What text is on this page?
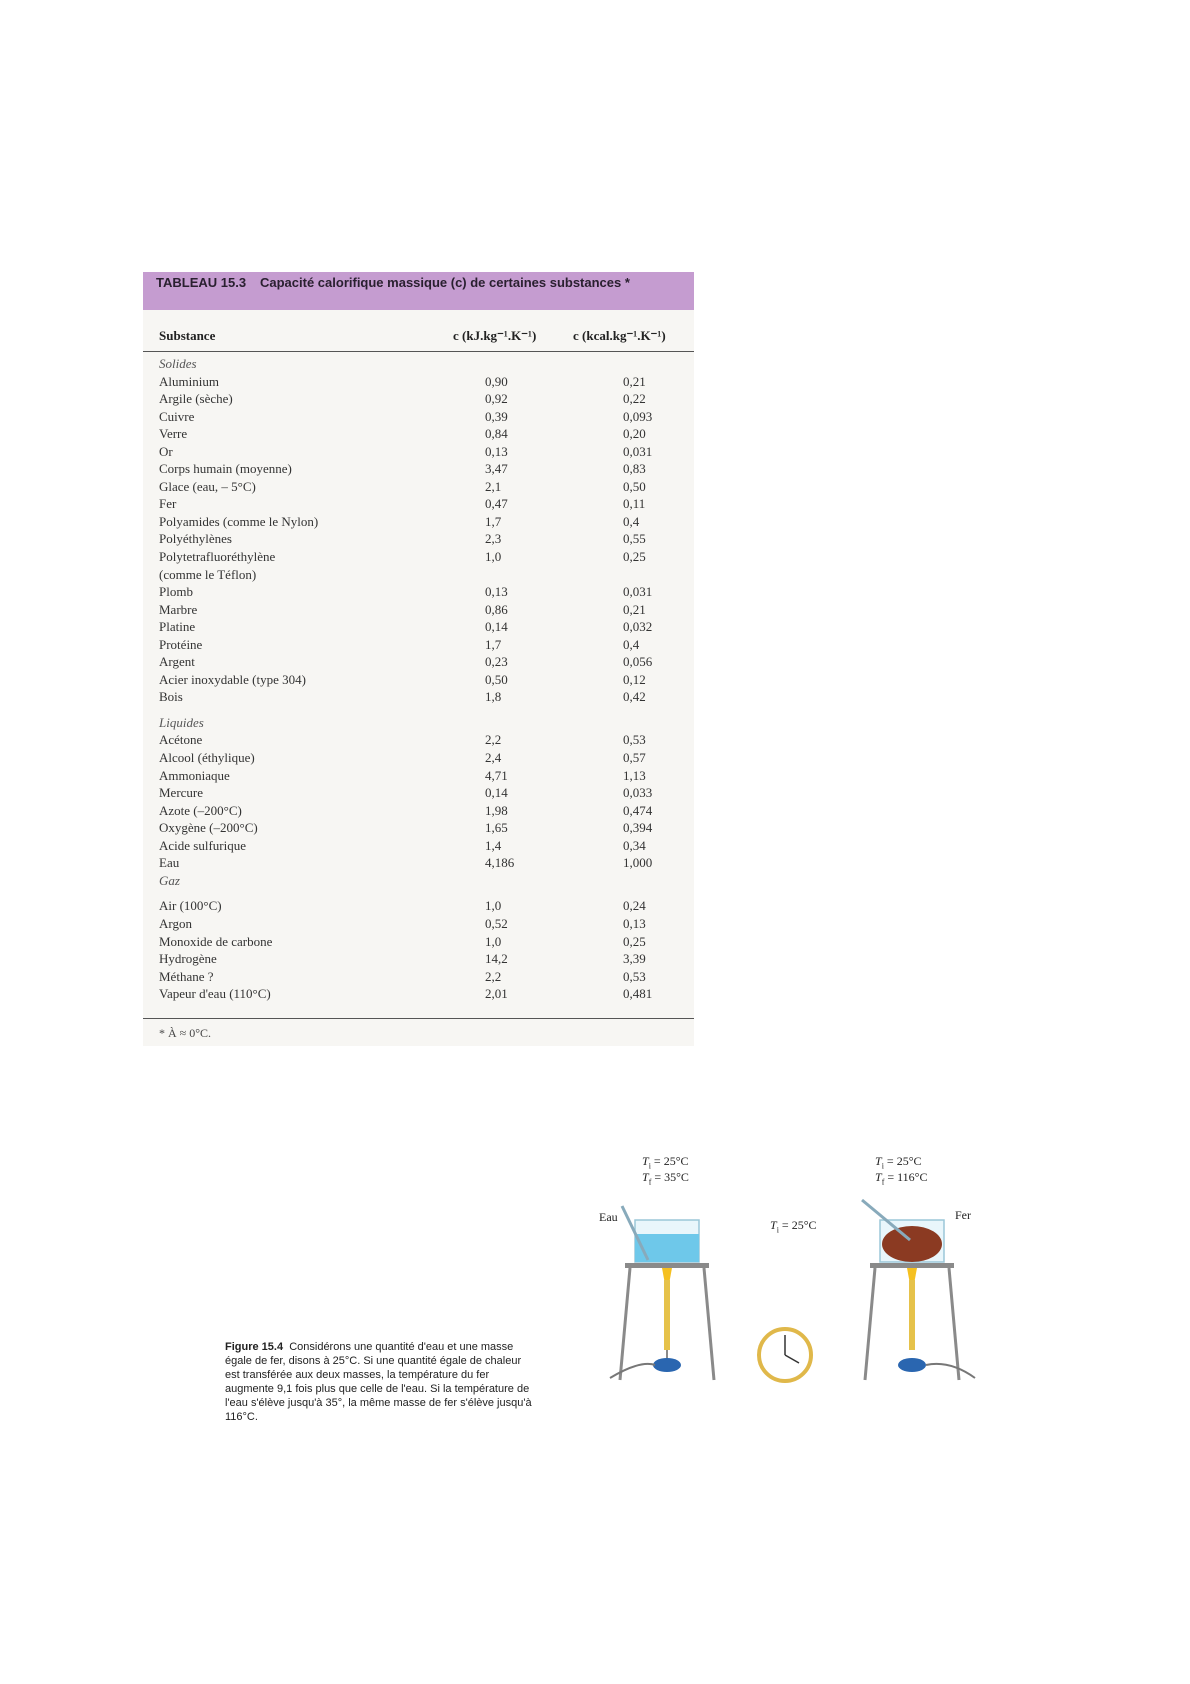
TABLEAU 15.3 Capacité calorifique massique (c) de certaines substances *
Substance	c (kJ.kg⁻¹.K⁻¹)	c (kcal.kg⁻¹.K⁻¹)
Solides
Aluminium	0,90	0,21
Argile (sèche)	0,92	0,22
Cuivre	0,39	0,093
Verre	0,84	0,20
Or	0,13	0,031
Corps humain (moyenne)	3,47	0,83
Glace (eau, – 5°C)	2,1	0,50
Fer	0,47	0,11
Polyamides (comme le Nylon)	1,7	0,4
Polyéthylènes	2,3	0,55
Polytetrafluoréthylène	1,0	0,25
(comme le Téflon)
Plomb	0,13	0,031
Marbre	0,86	0,21
Platine	0,14	0,032
Protéine	1,7	0,4
Argent	0,23	0,056
Acier inoxydable (type 304)	0,50	0,12
Bois	1,8	0,42
Liquides
Acétone	2,2	0,53
Alcool (éthylique)	2,4	0,57
Ammoniaque	4,71	1,13
Mercure	0,14	0,033
Azote (–200°C)	1,98	0,474
Oxygène (–200°C)	1,65	0,394
Acide sulfurique	1,4	0,34
Eau	4,186	1,000
Gaz
Air (100°C)	1,0	0,24
Argon	0,52	0,13
Monoxide de carbone	1,0	0,25
Hydrogène	14,2	3,39
Méthane ?	2,2	0,53
Vapeur d'eau (110°C)	2,01	0,481
* À ≈ 0°C.
Figure 15.4 Considérons une quantité d'eau et une masse égale de fer, disons à 25°C. Si une quantité égale de chaleur est transférée aux deux masses, la température du fer augmente 9,1 fois plus que celle de l'eau. Si la température de l'eau s'élève jusqu'à 35°, la même masse de fer s'élève jusqu'à 116°C.
Eau	Fer
$T_i = 25^\circ C$
$T_f = 35^\circ C$
$T_i = 25^\circ C$
$T_f = 116^\circ C$
$T_i = 25^\circ C$
